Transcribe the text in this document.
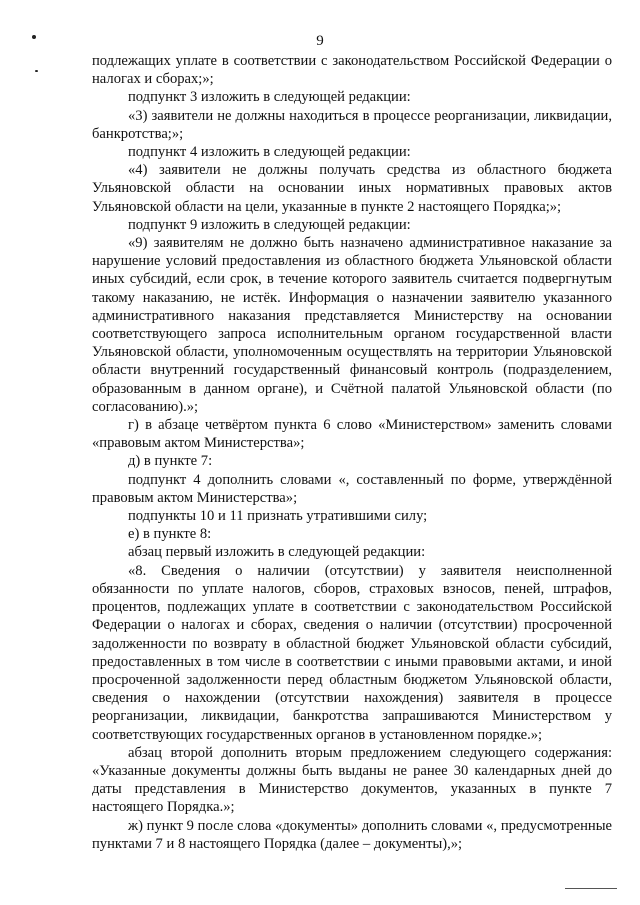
9

подлежащих уплате в соответствии с законодательством Российской Федерации о налогах и сборах;»;

подпункт 3 изложить в следующей редакции:

«3) заявители не должны находиться в процессе реорганизации, ликвидации, банкротства;»;

подпункт 4 изложить в следующей редакции:

«4) заявители не должны получать средства из областного бюджета Ульяновской области на основании иных нормативных правовых актов Ульяновской области на цели, указанные в пункте 2 настоящего Порядка;»;

подпункт 9 изложить в следующей редакции:

«9) заявителям не должно быть назначено административное наказание за нарушение условий предоставления из областного бюджета Ульяновской области иных субсидий, если срок, в течение которого заявитель считается подвергнутым такому наказанию, не истёк. Информация о назначении заявителю указанного административного наказания представляется Министерству на основании соответствующего запроса исполнительным органом государственной власти Ульяновской области, уполномоченным осуществлять на территории Ульяновской области внутренний государственный финансовый контроль (подразделением, образованным в данном органе), и Счётной палатой Ульяновской области (по согласованию).»;

г) в абзаце четвёртом пункта 6 слово «Министерством» заменить словами «правовым актом Министерства»;

д) в пункте 7:

подпункт 4 дополнить словами «, составленный по форме, утверждённой правовым актом Министерства»;

подпункты 10 и 11 признать утратившими силу;

е) в пункте 8:

абзац первый изложить в следующей редакции:

«8. Сведения о наличии (отсутствии) у заявителя неисполненной обязанности по уплате налогов, сборов, страховых взносов, пеней, штрафов, процентов, подлежащих уплате в соответствии с законодательством Российской Федерации о налогах и сборах, сведения о наличии (отсутствии) просроченной задолженности по возврату в областной бюджет Ульяновской области субсидий, предоставленных в том числе в соответствии с иными правовыми актами, и иной просроченной задолженности перед областным бюджетом Ульяновской области, сведения о нахождении (отсутствии нахождения) заявителя в процессе реорганизации, ликвидации, банкротства запрашиваются Министерством у соответствующих государственных органов в установленном порядке.»;

абзац второй дополнить вторым предложением следующего содержания: «Указанные документы должны быть выданы не ранее 30 календарных дней до даты представления в Министерство документов, указанных в пункте 7 настоящего Порядка.»;

ж) пункт 9 после слова «документы» дополнить словами «, предусмотренные пунктами 7 и 8 настоящего Порядка (далее – документы),»;
